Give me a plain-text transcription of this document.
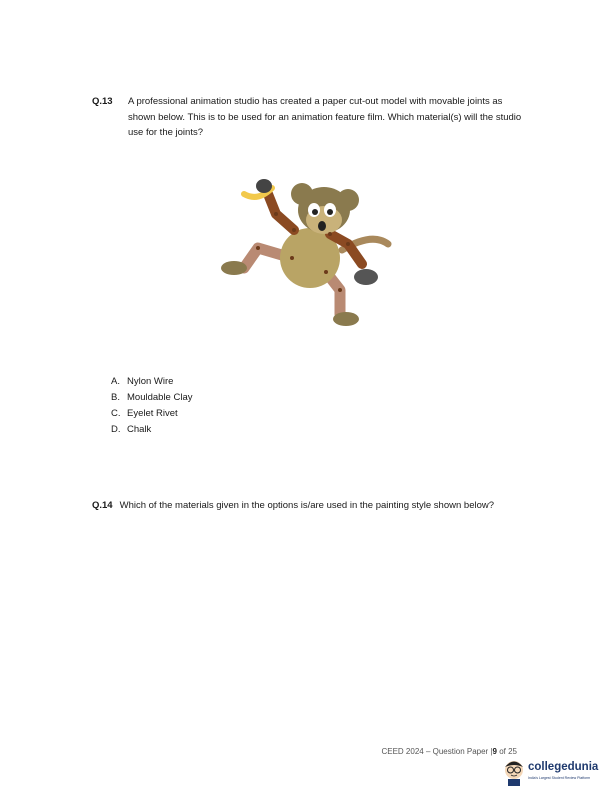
Q.13 A professional animation studio has created a paper cut-out model with movable joints as shown below. This is to be used for an animation feature film. Which material(s) will the studio use for the joints?
A. Nylon Wire
B. Mouldable Clay
C. Eyelet Rivet
D. Chalk
Q.14 Which of the materials given in the options is/are used in the painting style shown below?
CEED 2024 – Question Paper |9 of 25
collegedunia
India's Largest Student Review Platform
